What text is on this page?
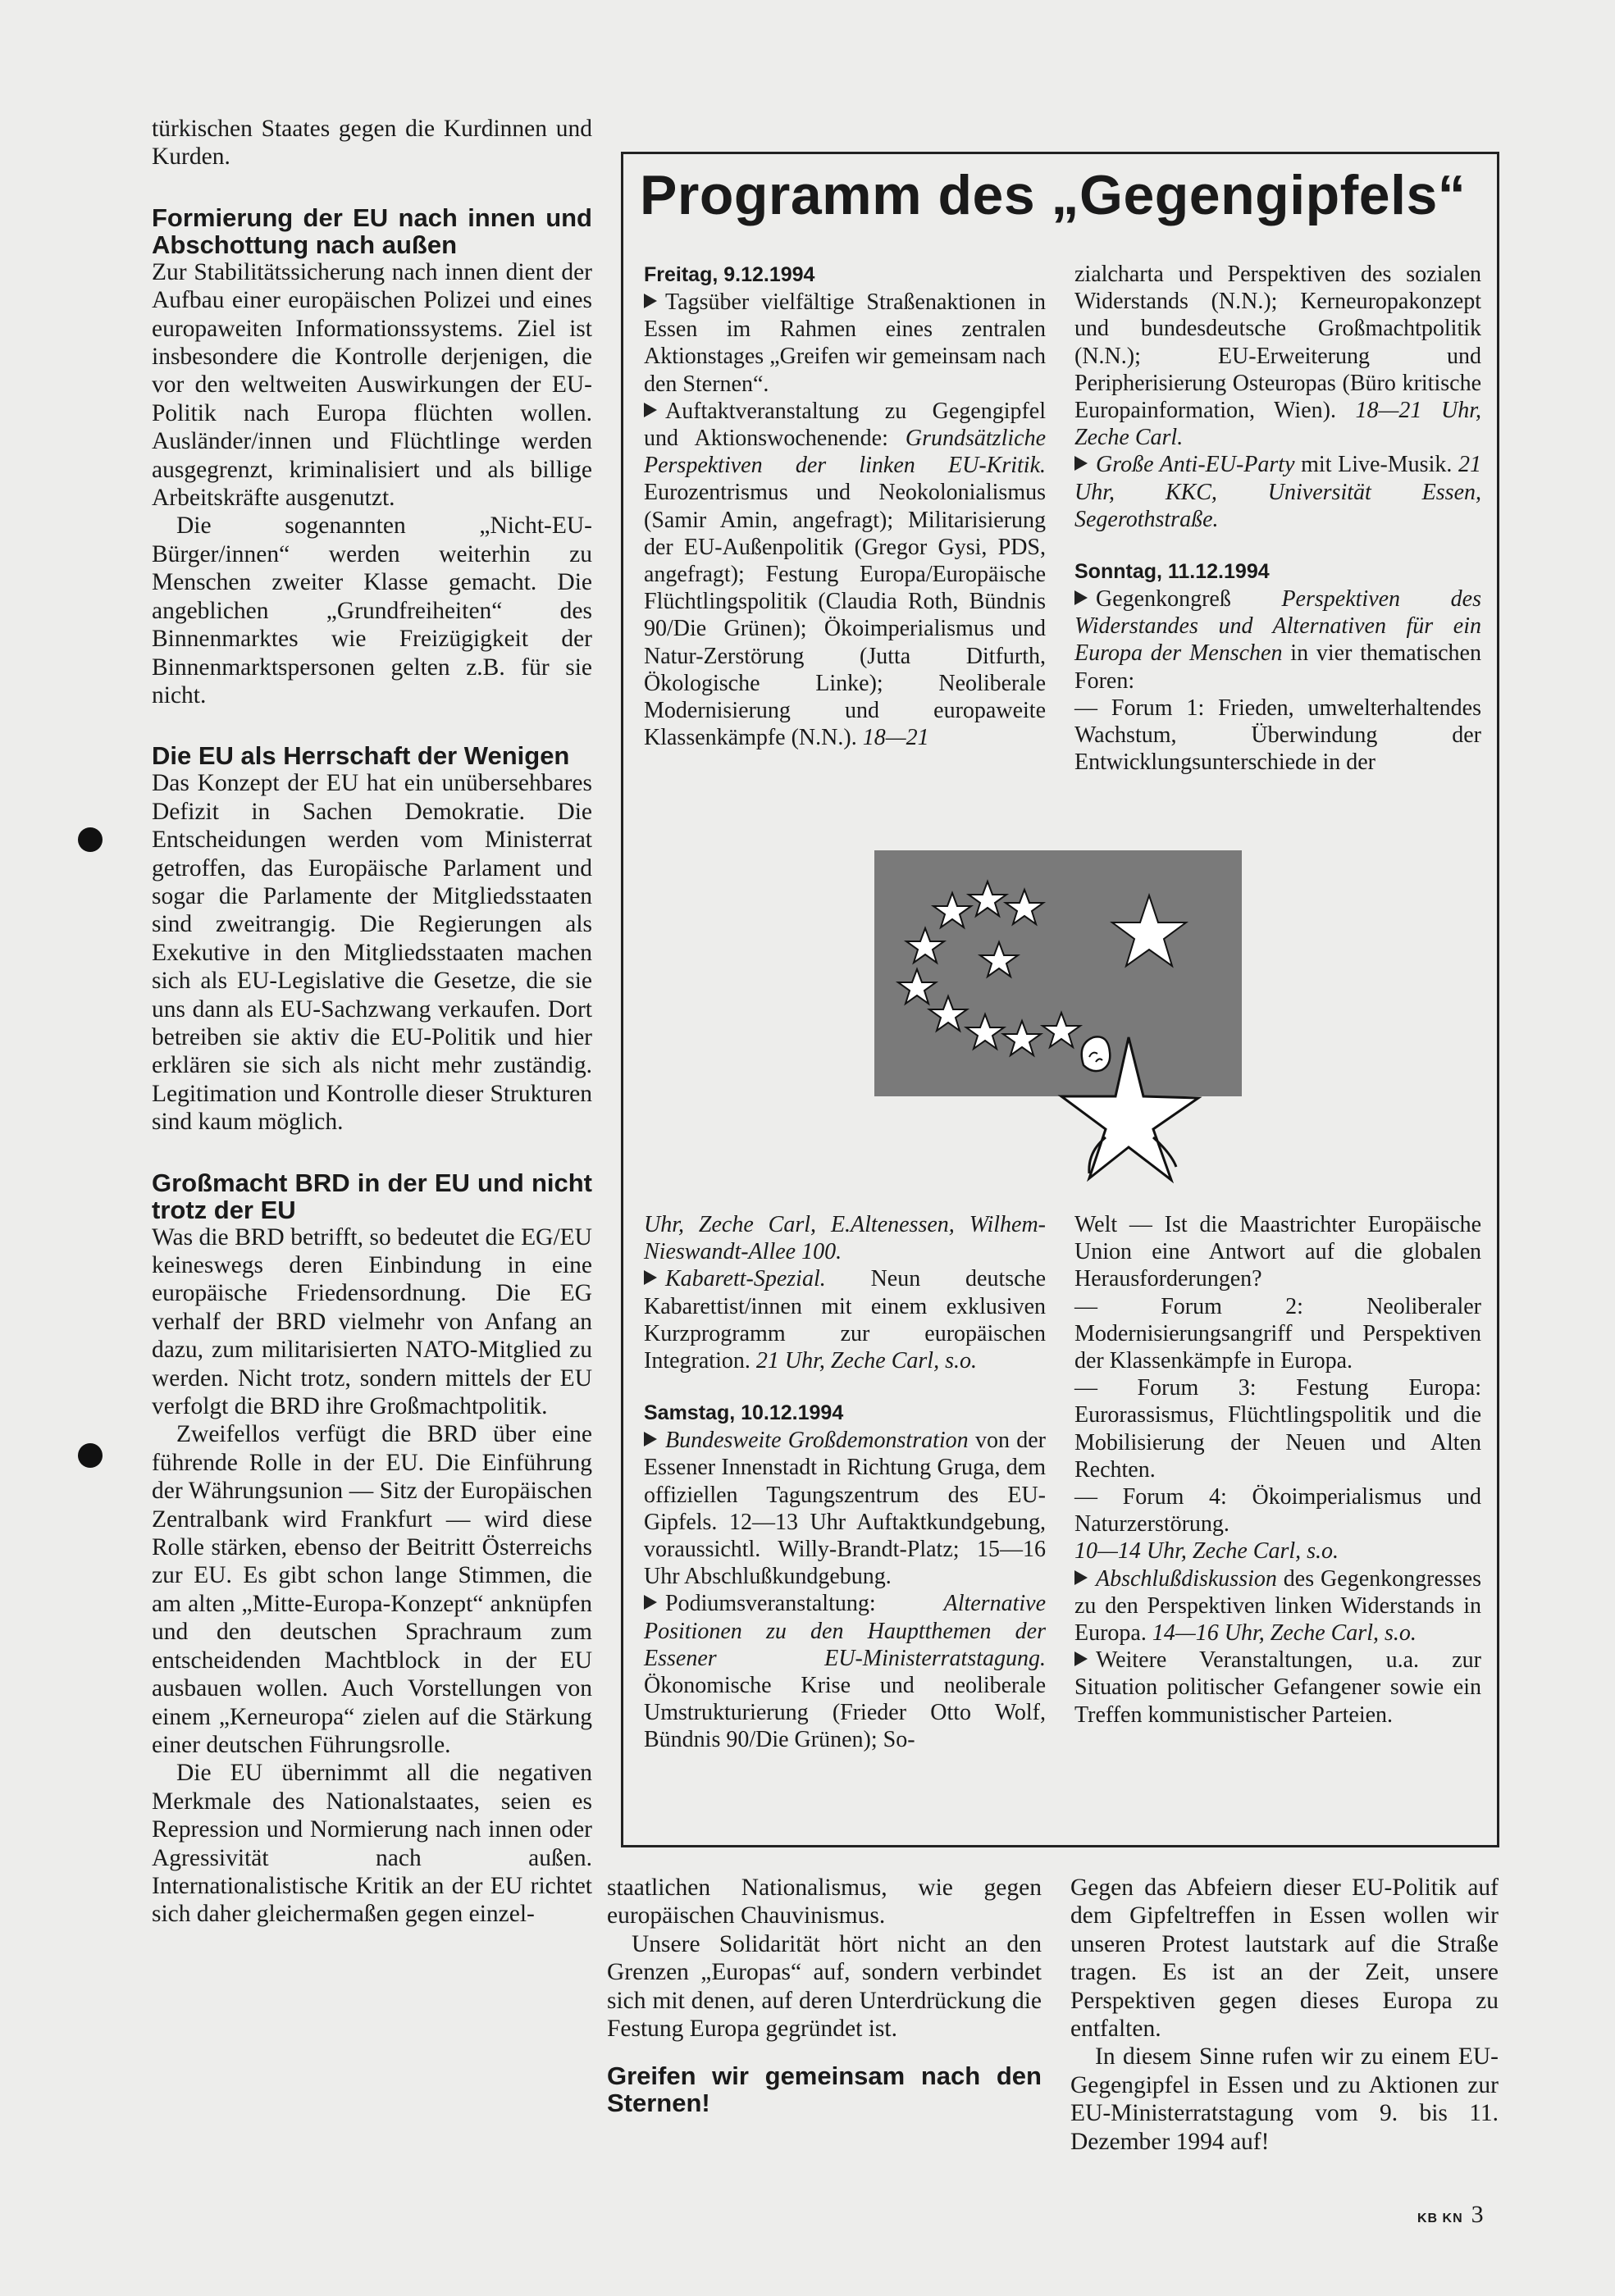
türkischen Staates gegen die Kurdinnen und Kurden.

Formierung der EU nach innen und Abschottung nach außen

Zur Stabilitätssicherung nach innen dient der Aufbau einer europäischen Polizei und eines europaweiten Informationssystems. Ziel ist insbesondere die Kontrolle derjenigen, die vor den weltweiten Auswirkungen der EU-Politik nach Europa flüchten wollen. Ausländer/innen und Flüchtlinge werden ausgegrenzt, kriminalisiert und als billige Arbeitskräfte ausgenutzt.

Die sogenannten „Nicht-EU-Bürger/innen“ werden weiterhin zu Menschen zweiter Klasse gemacht. Die angeblichen „Grundfreiheiten“ des Binnenmarktes wie Freizügigkeit der Binnenmarktspersonen gelten z.B. für sie nicht.

Die EU als Herrschaft der Wenigen

Das Konzept der EU hat ein unübersehbares Defizit in Sachen Demokratie. Die Entscheidungen werden vom Ministerrat getroffen, das Europäische Parlament und sogar die Parlamente der Mitgliedsstaaten sind zweitrangig. Die Regierungen als Exekutive in den Mitgliedsstaaten machen sich als EU-Legislative die Gesetze, die sie uns dann als EU-Sachzwang verkaufen. Dort betreiben sie aktiv die EU-Politik und hier erklären sie sich als nicht mehr zuständig. Legitimation und Kontrolle dieser Strukturen sind kaum möglich.

Großmacht BRD in der EU und nicht trotz der EU

Was die BRD betrifft, so bedeutet die EG/EU keineswegs deren Einbindung in eine europäische Friedensordnung. Die EG verhalf der BRD vielmehr von Anfang an dazu, zum militarisierten NATO-Mitglied zu werden. Nicht trotz, sondern mittels der EU verfolgt die BRD ihre Großmachtpolitik.

Zweifellos verfügt die BRD über eine führende Rolle in der EU. Die Einführung der Währungsunion — Sitz der Europäischen Zentralbank wird Frankfurt — wird diese Rolle stärken, ebenso der Beitritt Österreichs zur EU. Es gibt schon lange Stimmen, die am alten „Mitte-Europa-Konzept“ anknüpfen und den deutschen Sprachraum zum entscheidenden Machtblock in der EU ausbauen wollen. Auch Vorstellungen von einem „Kerneuropa“ zielen auf die Stärkung einer deutschen Führungsrolle.

Die EU übernimmt all die negativen Merkmale des Nationalstaates, seien es Repression und Normierung nach innen oder Agressivität nach außen. Internationalistische Kritik an der EU richtet sich daher gleichermaßen gegen einzel-

Programm des „Gegengipfels“

Freitag, 9.12.1994

Tagsüber vielfältige Straßenaktionen in Essen im Rahmen eines zentralen Aktionstages „Greifen wir gemeinsam nach den Sternen“.

Auftaktveranstaltung zu Gegengipfel und Aktionswochenende: Grundsätzliche Perspektiven der linken EU-Kritik. Eurozentrismus und Neokolonialismus (Samir Amin, angefragt); Militarisierung der EU-Außenpolitik (Gregor Gysi, PDS, angefragt); Festung Europa/Europäische Flüchtlingspolitik (Claudia Roth, Bündnis 90/Die Grünen); Ökoimperialismus und Natur-Zerstörung (Jutta Ditfurth, Ökologische Linke); Neoliberale Modernisierung und europaweite Klassenkämpfe (N.N.). 18—21

zialcharta und Perspektiven des sozialen Widerstands (N.N.); Kerneuropakonzept und bundesdeutsche Großmachtpolitik (N.N.); EU-Erweiterung und Peripherisierung Osteuropas (Büro kritische Europainformation, Wien). 18—21 Uhr, Zeche Carl.

Große Anti-EU-Party mit Live-Musik. 21 Uhr, KKC, Universität Essen, Segerothstraße.

Sonntag, 11.12.1994

Gegenkongreß Perspektiven des Widerstandes und Alternativen für ein Europa der Menschen in vier thematischen Foren:

— Forum 1: Frieden, umwelterhaltendes Wachstum, Überwindung der Entwicklungsunterschiede in der

Uhr, Zeche Carl, E.Altenessen, Wilhem-Nieswandt-Allee 100.

Kabarett-Spezial. Neun deutsche Kabarettist/innen mit einem exklusiven Kurzprogramm zur europäischen Integration. 21 Uhr, Zeche Carl, s.o.

Samstag, 10.12.1994

Bundesweite Großdemonstration von der Essener Innenstadt in Richtung Gruga, dem offiziellen Tagungszentrum des EU-Gipfels. 12—13 Uhr Auftaktkundgebung, voraussichtl. Willy-Brandt-Platz; 15—16 Uhr Abschlußkundgebung.

Podiumsveranstaltung: Alternative Positionen zu den Hauptthemen der Essener EU-Ministerratstagung. Ökonomische Krise und neoliberale Umstrukturierung (Frieder Otto Wolf, Bündnis 90/Die Grünen); So-

Welt — Ist die Maastrichter Europäische Union eine Antwort auf die globalen Herausforderungen?

— Forum 2: Neoliberaler Modernisierungsangriff und Perspektiven der Klassenkämpfe in Europa.

— Forum 3: Festung Europa: Eurorassismus, Flüchtlingspolitik und die Mobilisierung der Neuen und Alten Rechten.

— Forum 4: Ökoimperialismus und Naturzerstörung.

10—14 Uhr, Zeche Carl, s.o.

Abschlußdiskussion des Gegenkongresses zu den Perspektiven linken Widerstands in Europa. 14—16 Uhr, Zeche Carl, s.o.

Weitere Veranstaltungen, u.a. zur Situation politischer Gefangener sowie ein Treffen kommunistischer Parteien.

staatlichen Nationalismus, wie gegen europäischen Chauvinismus.

Unsere Solidarität hört nicht an den Grenzen „Europas“ auf, sondern verbindet sich mit denen, auf deren Unterdrückung die Festung Europa gegründet ist.

Greifen wir gemeinsam nach den Sternen!

Gegen das Abfeiern dieser EU-Politik auf dem Gipfeltreffen in Essen wollen wir unseren Protest lautstark auf die Straße tragen. Es ist an der Zeit, unsere Perspektiven gegen dieses Europa zu entfalten.

In diesem Sinne rufen wir zu einem EU-Gegengipfel in Essen und zu Aktionen zur EU-Ministerratstagung vom 9. bis 11. Dezember 1994 auf!

KB KN 3
